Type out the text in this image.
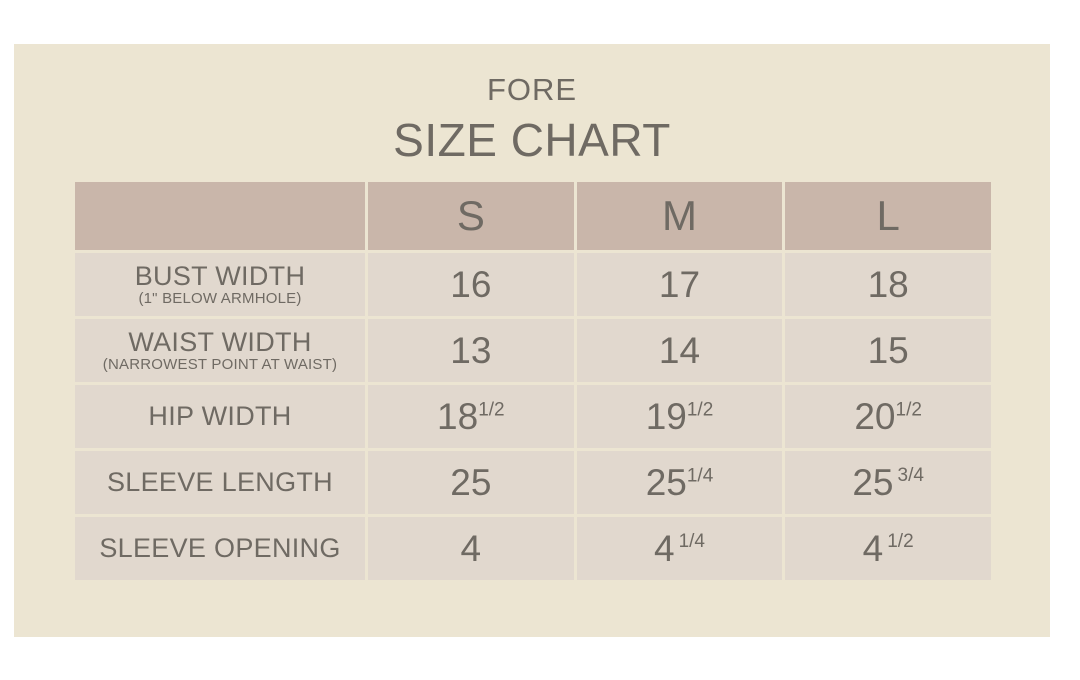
FORE
SIZE CHART
	S	M	L

BUST WIDTH
(1" BELOW ARMHOLE)	16	17	18

WAIST WIDTH
(NARROWEST POINT AT WAIST)	13	14	15

HIP WIDTH	$18^{1/2}$	$19^{1/2}$	$20^{1/2}$

SLEEVE LENGTH	25	$25^{1/4}$	25 $^{3/4}$

SLEEVE OPENING	4	4 $^{1/4}$	4 $^{1/2}$
